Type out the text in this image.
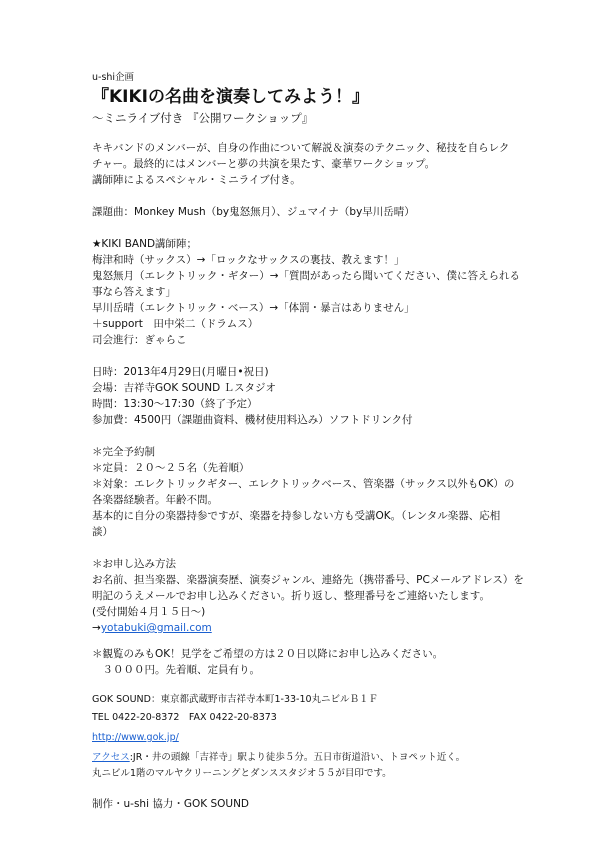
u-shi企画
『KIKIの名曲を演奏してみよう！』
〜ミニライブ付き 『公開ワークショップ』
キキバンドのメンバーが、自身の作曲について解説＆演奏のテクニック、秘技を自らレク
チャー。最終的にはメンバーと夢の共演を果たす、豪華ワークショップ。
講師陣によるスペシャル・ミニライブ付き。
課題曲：Monkey Mush（by鬼怒無月）、ジュマイナ（by早川岳晴）
★KIKI BAND講師陣；
梅津和時（サックス）→「ロックなサックスの裏技、教えます！」
鬼怒無月（エレクトリック・ギター）→「質問があったら聞いてください、僕に答えられる
事なら答えます」
早川岳晴（エレクトリック・ベース）→「体罰・暴言はありません」
＋support　田中栄二（ドラムス）
司会進行：ぎゃらこ
日時：2013年4月29日(月曜日•祝日)
会場：吉祥寺GOK SOUND Ｌスタジオ
時間：13:30〜17:30（終了予定）
参加費：4500円（課題曲資料、機材使用料込み）ソフトドリンク付
＊完全予約制
＊定員：２０〜２５名（先着順）
＊対象：エレクトリックギター、エレクトリックベース、管楽器（サックス以外もOK）の
各楽器経験者。年齢不問。
基本的に自分の楽器持参ですが、楽器を持参しない方も受講OK。（レンタル楽器、応相
談）
＊お申し込み方法
お名前、担当楽器、楽器演奏歴、演奏ジャンル、連絡先（携帯番号、PCメールアドレス）を
明記のうえメールでお申し込みください。折り返し、整理番号をご連絡いたします。
(受付開始４月１５日〜)
→yotabuki@gmail.com
＊観覧のみもOK！見学をご希望の方は２０日以降にお申し込みください。
　３０００円。先着順、定員有り。
GOK SOUND：東京都武蔵野市吉祥寺本町1-33-10丸ニビルＢ１Ｆ
TEL 0422-20-8372　FAX 0422-20-8373
http://www.gok.jp/
アクセス:JR・井の頭線「吉祥寺」駅より徒歩５分。五日市街道沿い、トヨペット近く。
丸ニビル1階のマルヤクリーニングとダンススタジオ５５が目印です。
制作・u-shi 協力・GOK SOUND
